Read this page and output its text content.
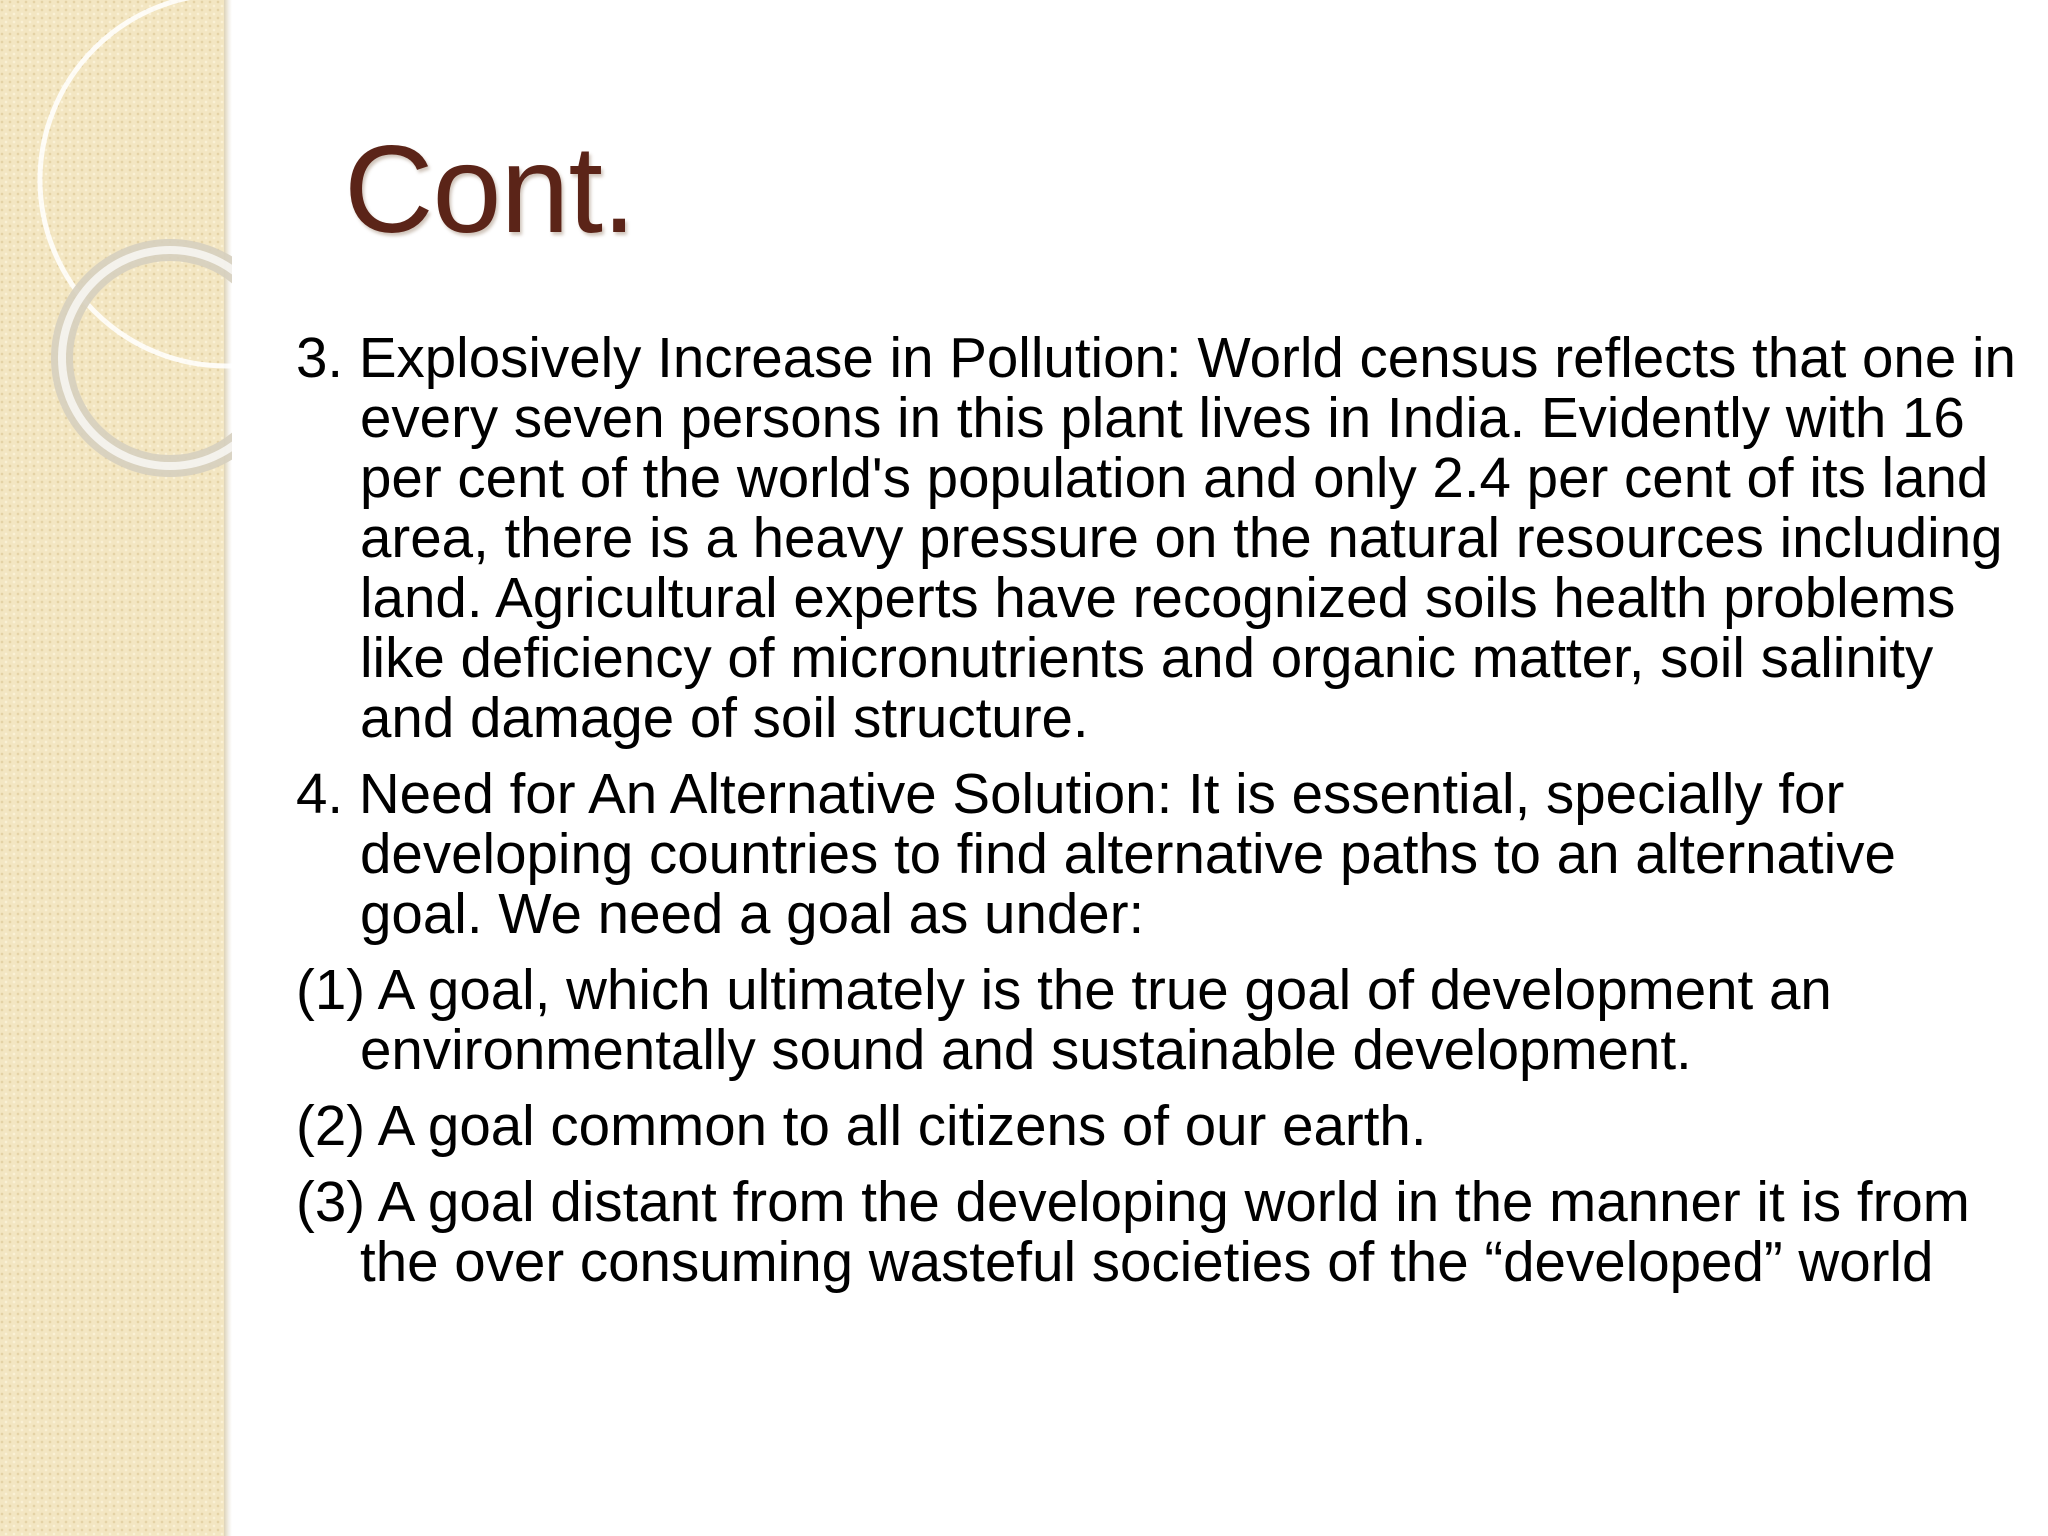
Cont.

3. Explosively Increase in Pollution: World census reflects that one in every seven persons in this plant lives in India. Evidently with 16 per cent of the world's population and only 2.4 per cent of its land area, there is a heavy pressure on the natural resources including land. Agricultural experts have recognized soils health problems like deficiency of micronutrients and organic matter, soil salinity and damage of soil structure.

4. Need for An Alternative Solution: It is essential, specially for developing countries to find alternative paths to an alternative goal. We need a goal as under:

(1) A goal, which ultimately is the true goal of development an environmentally sound and sustainable development.

(2) A goal common to all citizens of our earth.

(3) A goal distant from the developing world in the manner it is from the over consuming wasteful societies of the “developed” world
